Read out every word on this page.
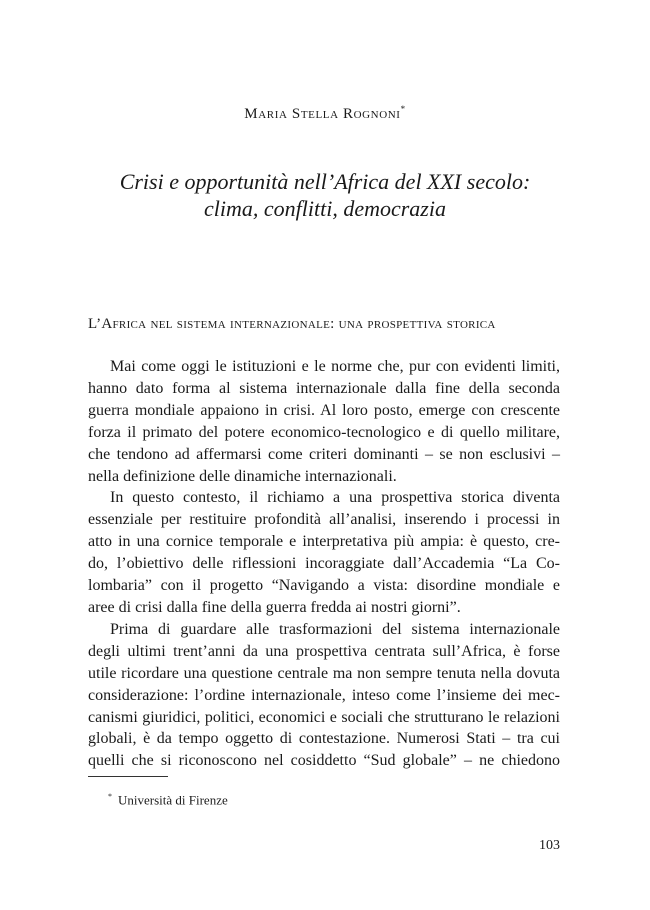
Maria Stella Rognoni*
Crisi e opportunità nell’Africa del XXI secolo:
clima, conflitti, democrazia
L’Africa nel sistema internazionale: una prospettiva storica
Mai come oggi le istituzioni e le norme che, pur con evidenti limiti,
hanno dato forma al sistema internazionale dalla fine della seconda
guerra mondiale appaiono in crisi. Al loro posto, emerge con crescente
forza il primato del potere economico-tecnologico e di quello militare,
che tendono ad affermarsi come criteri dominanti – se non esclusivi –
nella definizione delle dinamiche internazionali.
In questo contesto, il richiamo a una prospettiva storica diventa
essenziale per restituire profondità all’analisi, inserendo i processi in
atto in una cornice temporale e interpretativa più ampia: è questo, cre-
do, l’obiettivo delle riflessioni incoraggiate dall’Accademia “La Co-
lombaria” con il progetto “Navigando a vista: disordine mondiale e
aree di crisi dalla fine della guerra fredda ai nostri giorni”.
Prima di guardare alle trasformazioni del sistema internazionale
degli ultimi trent’anni da una prospettiva centrata sull’Africa, è forse
utile ricordare una questione centrale ma non sempre tenuta nella dovuta
considerazione: l’ordine internazionale, inteso come l’insieme dei mec-
canismi giuridici, politici, economici e sociali che strutturano le relazioni
globali, è da tempo oggetto di contestazione. Numerosi Stati – tra cui
quelli che si riconoscono nel cosiddetto “Sud globale” – ne chiedono
* Università di Firenze
103
